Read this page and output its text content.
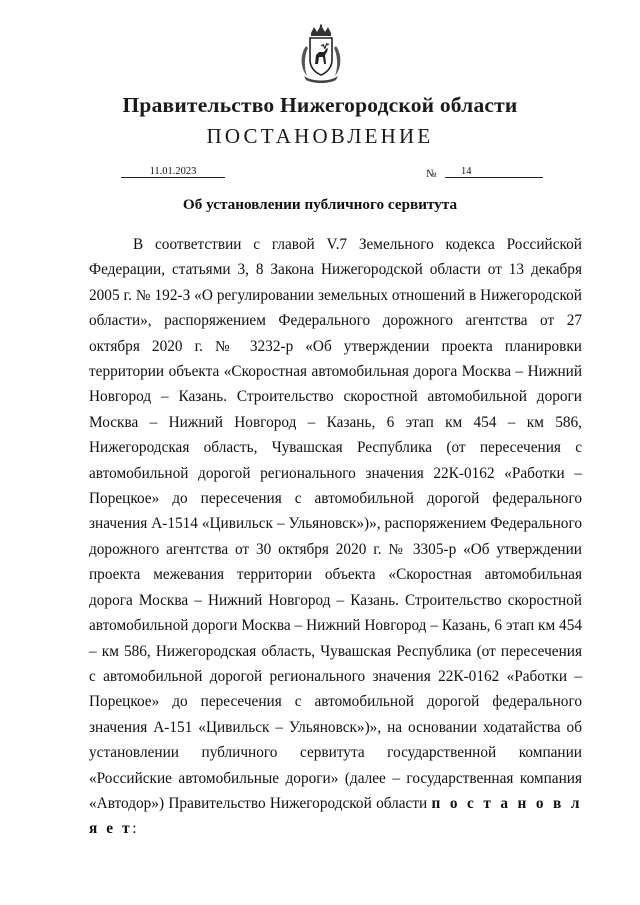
Правительство Нижегородской области
ПОСТАНОВЛЕНИЕ
11.01.2023	№	14
Об установлении публичного сервитута

В соответствии с главой V.7 Земельного кодекса Российской Федерации, статьями 3, 8 Закона Нижегородской области от 13 декабря 2005 г. № 192-З «О регулировании земельных отношений в Нижегородской области», распоряжением Федерального дорожного агентства от 27 октября 2020 г. № 3232-р «Об утверждении проекта планировки территории объекта «Скоростная автомобильная дорога Москва – Нижний Новгород – Казань. Строительство скоростной автомобильной дороги Москва – Нижний Новгород – Казань, 6 этап км 454 – км 586, Нижегородская область, Чувашская Республика (от пересечения с автомобильной дорогой регионального значения 22К-0162 «Работки – Порецкое» до пересечения с автомобильной дорогой федерального значения А-1514 «Цивильск – Ульяновск»)», распоряжением Федерального дорожного агентства от 30 октября 2020 г. № 3305-р «Об утверждении проекта межевания территории объекта «Скоростная автомобильная дорога Москва – Нижний Новгород – Казань. Строительство скоростной автомобильной дороги Москва – Нижний Новгород – Казань, 6 этап км 454 – км 586, Нижегородская область, Чувашская Республика (от пересечения с автомобильной дорогой регионального значения 22К-0162 «Работки – Порецкое» до пересечения с автомобильной дорогой федерального значения А-151 «Цивильск – Ульяновск»)», на основании ходатайства об установлении публичного сервитута государственной компании «Российские автомобильные дороги» (далее – государственная компания «Автодор») Правительство Нижегородской области п о с т а н о в л я е т:
